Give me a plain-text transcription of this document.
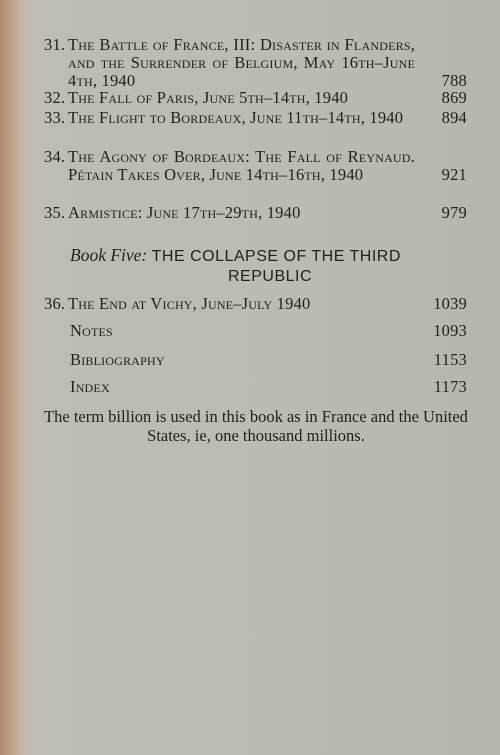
31. The Battle of France, III: Disaster in Flanders, and the Surrender of Belgium, May 16th–June 4th, 1940	788
32. The Fall of Paris, June 5th–14th, 1940	869
33. The Flight to Bordeaux, June 11th–14th, 1940	894
34. The Agony of Bordeaux: The Fall of Reynaud. Pétain Takes Over, June 14th–16th, 1940	921
35. Armistice: June 17th–29th, 1940	979
Book Five: THE COLLAPSE OF THE THIRD
REPUBLIC
36. The End at Vichy, June–July 1940	1039
Notes	1093
Bibliography	1153
Index	1173
The term billion is used in this book as in France and the United States, ie, one thousand millions.
